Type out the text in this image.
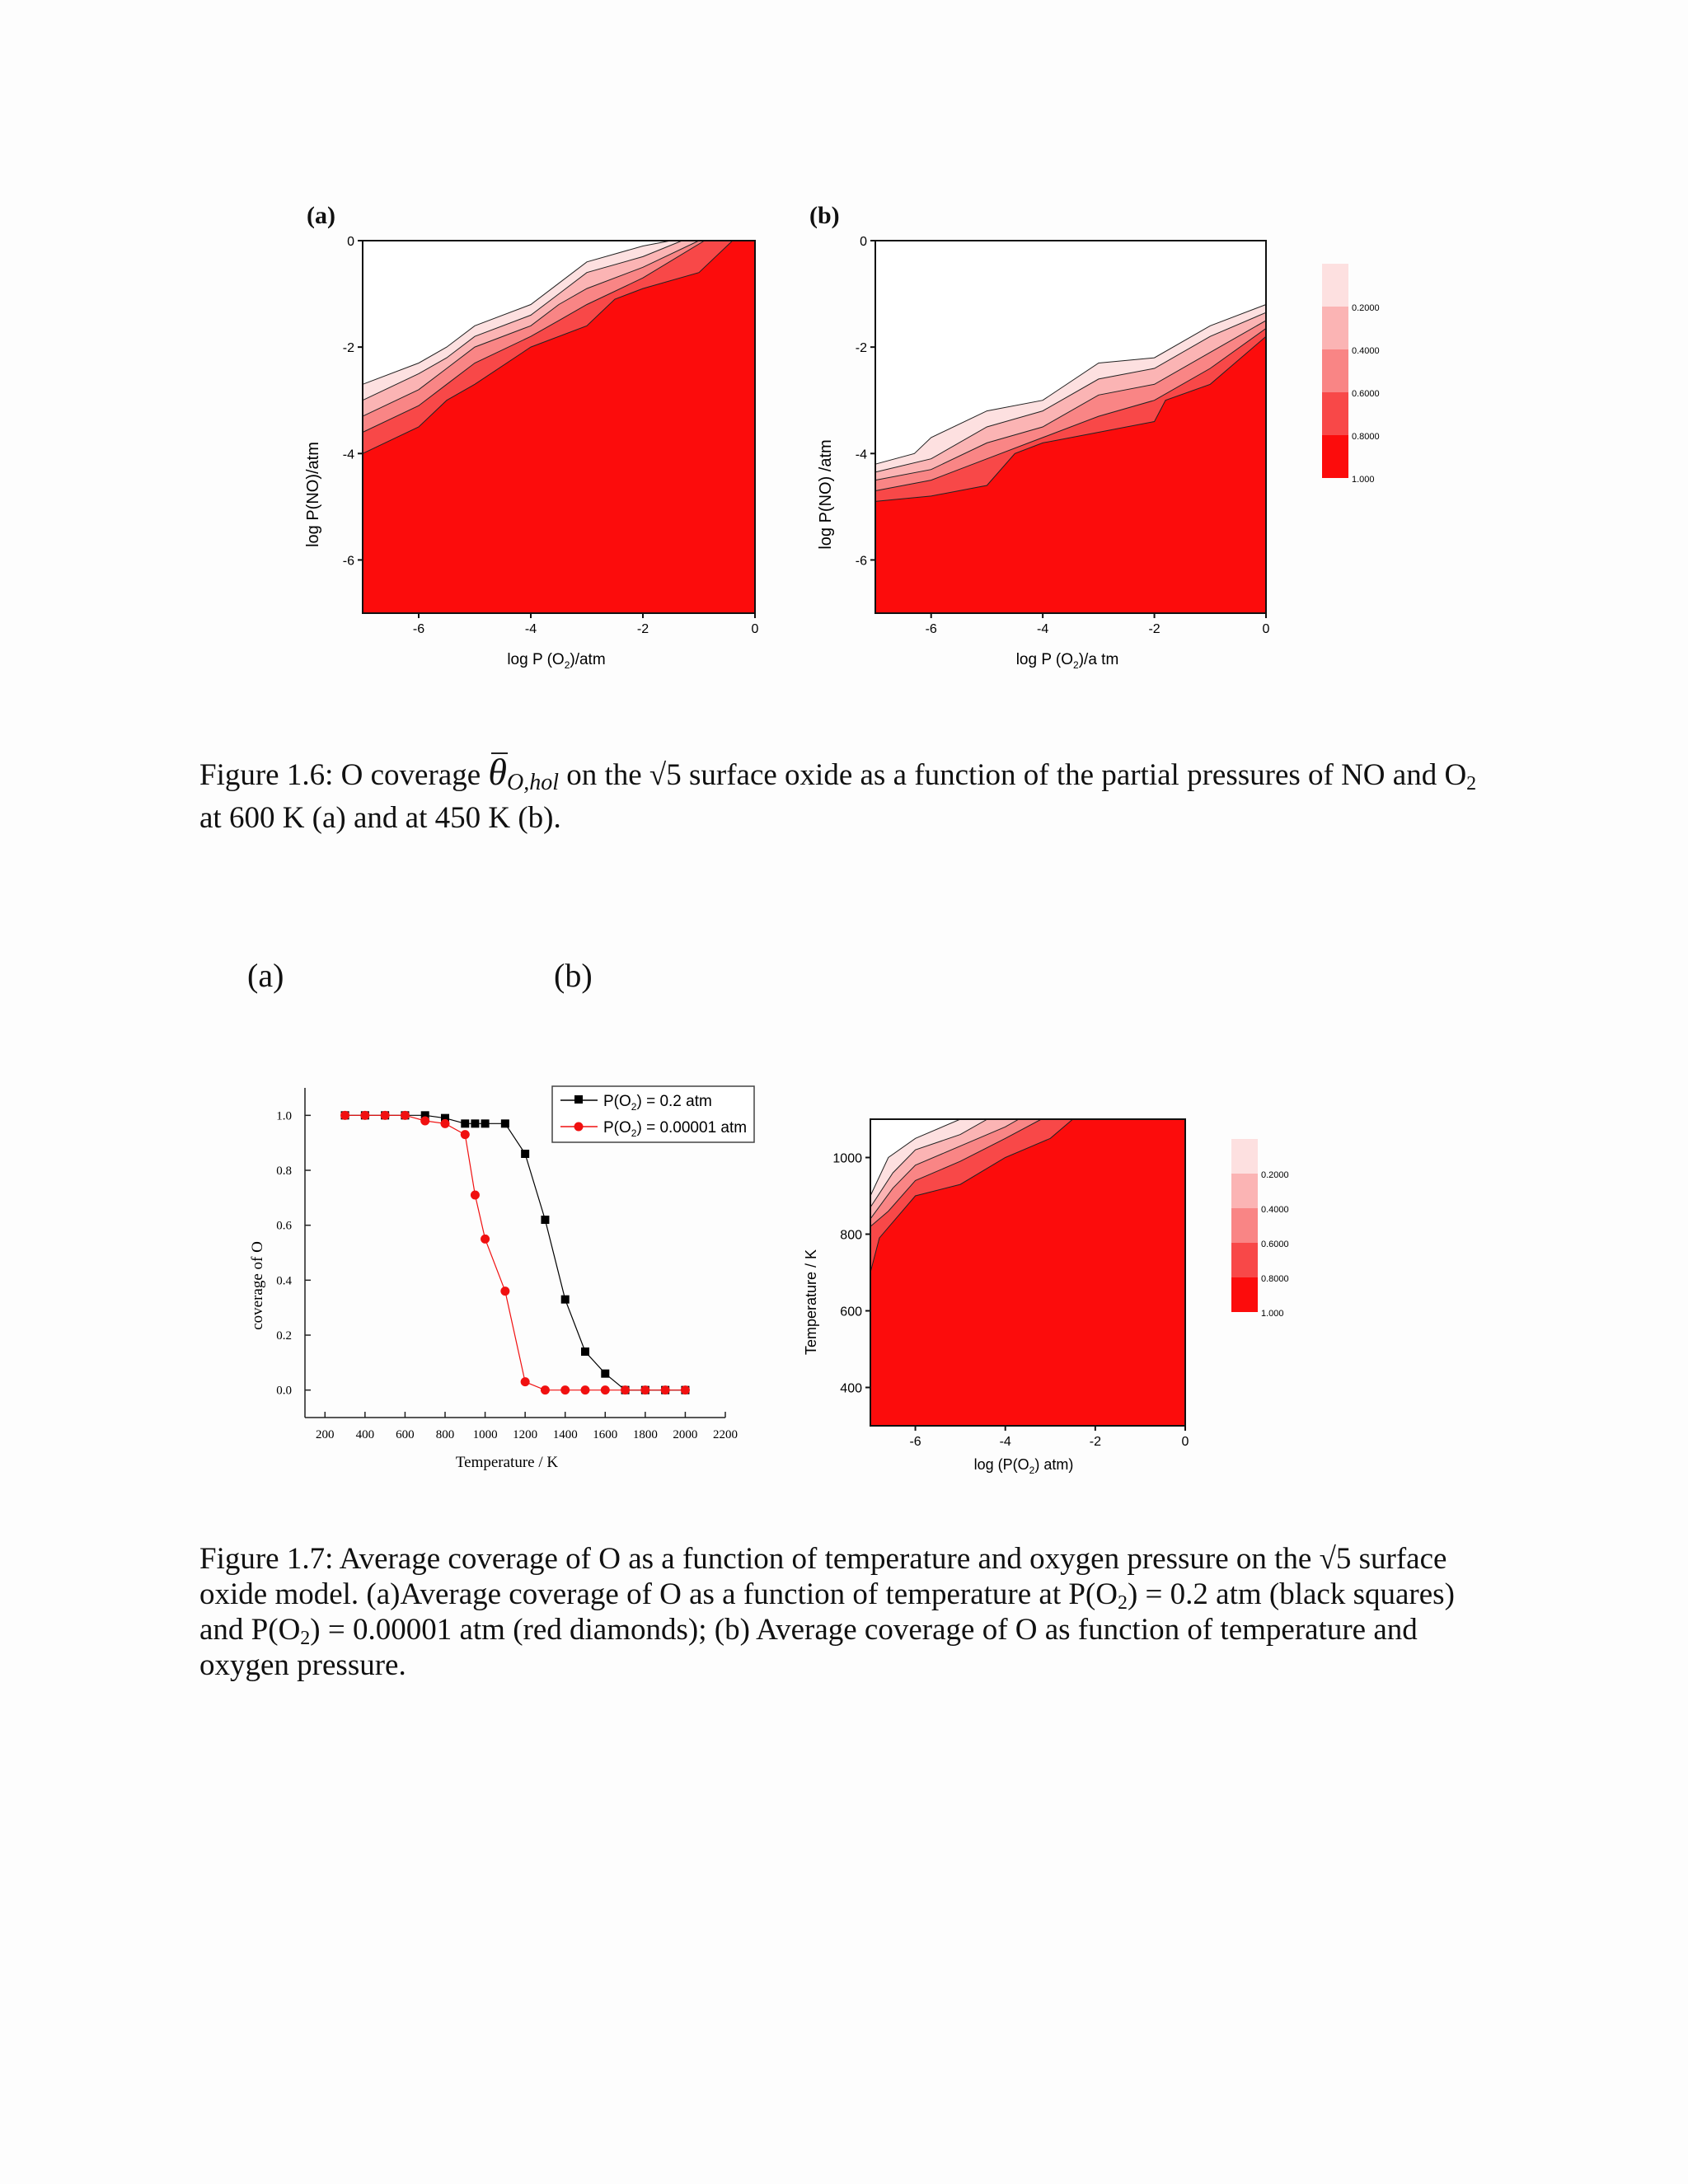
(a)	(b)
-6	-4	-2	0
0
-2
-4
-6
log P(NO)/atm
log P $(O_2)$/atm
-6	-4	-2	0
0
-2
-4
-6
log P(NO) /atm
log P $(O_2)/a$ tm
0.2000
0.4000
0.6000
0.8000
1.000
Figure 1.6: O coverage
$\theta_{O,hol}$ on the √5 surface oxide as a function of the partial pressures of NO and $O_2$
at 600 K (a) and at 450 K (b).
(a)	(b)
200 400 600 800 1000 1200 1400 1600 1800 2000 2200
0.0
0.2
0.4
0.6
0.8
1.0
$P(O_2) = 0.2$ atm
$P(O_2) = 0.00001$ atm
coverage of O
Temperature / K
-6	-4	-2	0
1000
800
600
400
Temperature / K
$\log (P(O_2)$ atm)
0.2000
0.4000
0.6000
0.8000
1.000
Figure 1.7: Average coverage of O as a function of temperature and oxygen pressure on the √5 surface
oxide model. (a)Average coverage of O as a function of temperature at $P(O_2) = 0.2$ atm (black squares)
and $P(O_2) = 0.00001$ atm (red diamonds); (b) Average coverage of O as function of temperature and
oxygen pressure.
